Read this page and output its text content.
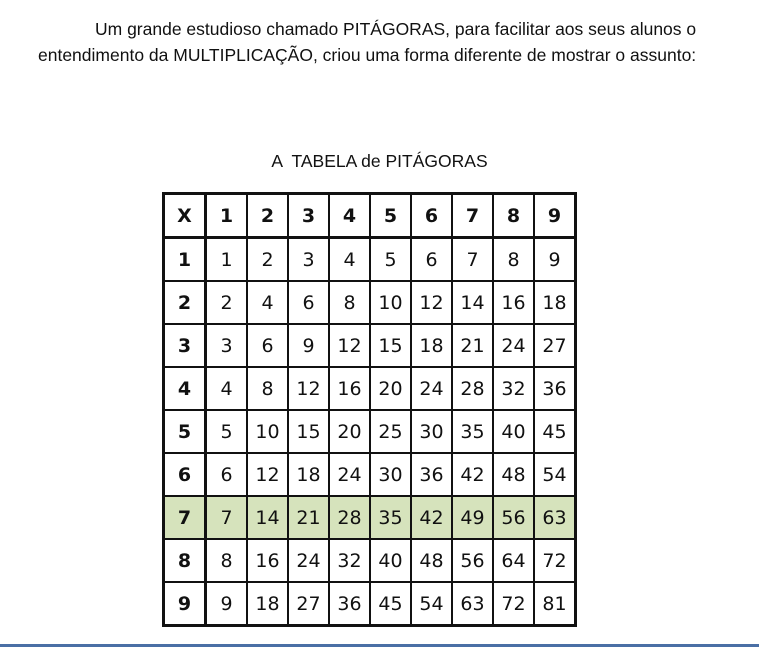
Um grande estudioso chamado PITÁGORAS, para facilitar aos seus alunos o entendimento da MULTIPLICAÇÃO, criou uma forma diferente de mostrar o assunto:

A  TABELA de PITÁGORAS

X	1	2	3	4	5	6	7	8	9
1	1	2	3	4	5	6	7	8	9
2	2	4	6	8	10	12	14	16	18
3	3	6	9	12	15	18	21	24	27
4	4	8	12	16	20	24	28	32	36
5	5	10	15	20	25	30	35	40	45
6	6	12	18	24	30	36	42	48	54
7	7	14	21	28	35	42	49	56	63
8	8	16	24	32	40	48	56	64	72
9	9	18	27	36	45	54	63	72	81
